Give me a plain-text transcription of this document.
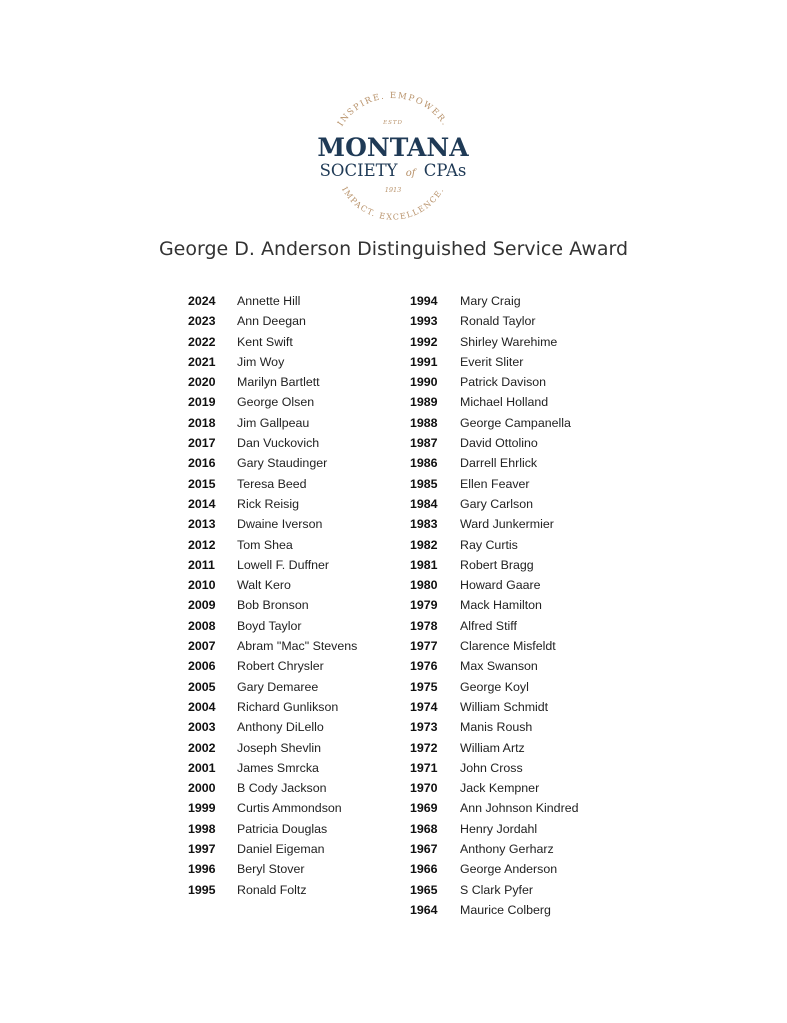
INSPIRE. EMPOWER.
ESTD
MONTANA
SOCIETY of CPAs
1913
IMPACT. EXCELLENCE.
George D. Anderson Distinguished Service Award
2024 Annette Hill
2023 Ann Deegan
2022 Kent Swift
2021 Jim Woy
2020 Marilyn Bartlett
2019 George Olsen
2018 Jim Gallpeau
2017 Dan Vuckovich
2016 Gary Staudinger
2015 Teresa Beed
2014 Rick Reisig
2013 Dwaine Iverson
2012 Tom Shea
2011 Lowell F. Duffner
2010 Walt Kero
2009 Bob Bronson
2008 Boyd Taylor
2007 Abram "Mac" Stevens
2006 Robert Chrysler
2005 Gary Demaree
2004 Richard Gunlikson
2003 Anthony DiLello
2002 Joseph Shevlin
2001 James Smrcka
2000 B Cody Jackson
1999 Curtis Ammondson
1998 Patricia Douglas
1997 Daniel Eigeman
1996 Beryl Stover
1995 Ronald Foltz
1994 Mary Craig
1993 Ronald Taylor
1992 Shirley Warehime
1991 Everit Sliter
1990 Patrick Davison
1989 Michael Holland
1988 George Campanella
1987 David Ottolino
1986 Darrell Ehrlick
1985 Ellen Feaver
1984 Gary Carlson
1983 Ward Junkermier
1982 Ray Curtis
1981 Robert Bragg
1980 Howard Gaare
1979 Mack Hamilton
1978 Alfred Stiff
1977 Clarence Misfeldt
1976 Max Swanson
1975 George Koyl
1974 William Schmidt
1973 Manis Roush
1972 William Artz
1971 John Cross
1970 Jack Kempner
1969 Ann Johnson Kindred
1968 Henry Jordahl
1967 Anthony Gerharz
1966 George Anderson
1965 S Clark Pyfer
1964 Maurice Colberg
